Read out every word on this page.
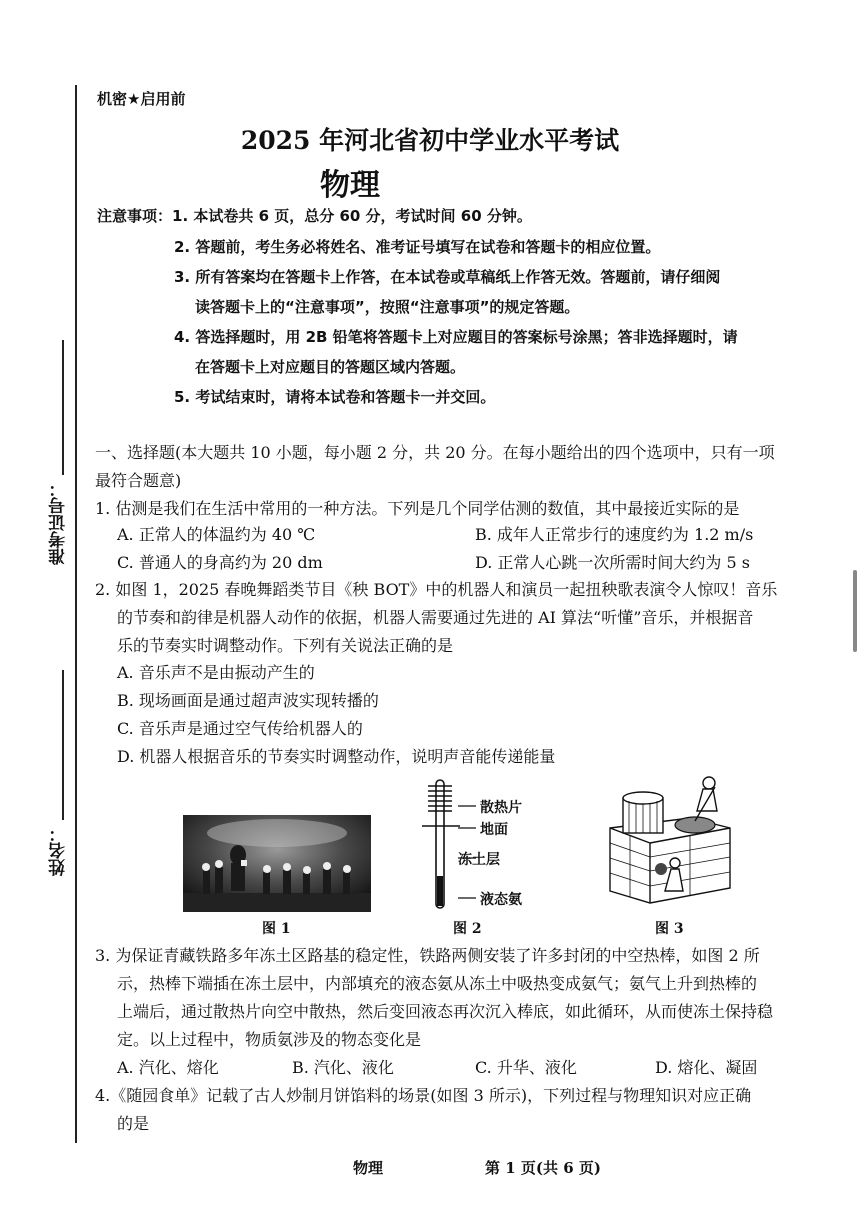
准考证号：
姓名：
机密★启用前
2025 年河北省初中学业水平考试
物理
注意事项：1. 本试卷共 6 页，总分 60 分，考试时间 60 分钟。
2. 答题前，考生务必将姓名、准考证号填写在试卷和答题卡的相应位置。
3. 所有答案均在答题卡上作答，在本试卷或草稿纸上作答无效。答题前，请仔细阅
读答题卡上的“注意事项”，按照“注意事项”的规定答题。
4. 答选择题时，用 2B 铅笔将答题卡上对应题目的答案标号涂黑；答非选择题时，请
在答题卡上对应题目的答题区域内答题。
5. 考试结束时，请将本试卷和答题卡一并交回。
一、选择题(本大题共 10 小题，每小题 2 分，共 20 分。在每小题给出的四个选项中，只有一项
最符合题意)
1. 估测是我们在生活中常用的一种方法。下列是几个同学估测的数值，其中最接近实际的是
A. 正常人的体温约为 40 ℃	B. 成年人正常步行的速度约为 1.2 m/s
C. 普通人的身高约为 20 dm	D. 正常人心跳一次所需时间大约为 5 s
2. 如图 1，2025 春晚舞蹈类节目《秧 BOT》中的机器人和演员一起扭秧歌表演令人惊叹！音乐
的节奏和韵律是机器人动作的依据，机器人需要通过先进的 AI 算法“听懂”音乐，并根据音
乐的节奏实时调整动作。下列有关说法正确的是
A. 音乐声不是由振动产生的
B. 现场画面是通过超声波实现转播的
C. 音乐声是通过空气传给机器人的
D. 机器人根据音乐的节奏实时调整动作，说明声音能传递能量
图 1
散热片
地面
冻土层
液态氨
图 2	图 3
3. 为保证青藏铁路多年冻土区路基的稳定性，铁路两侧安装了许多封闭的中空热棒，如图 2 所
示，热棒下端插在冻土层中，内部填充的液态氨从冻土中吸热变成氨气；氨气上升到热棒的
上端后，通过散热片向空中散热，然后变回液态再次沉入棒底，如此循环，从而使冻土保持稳
定。以上过程中，物质氨涉及的物态变化是
A. 汽化、熔化	B. 汽化、液化	C. 升华、液化	D. 熔化、凝固
4.《随园食单》记载了古人炒制月饼馅料的场景(如图 3 所示)，下列过程与物理知识对应正确
的是
物理	第 1 页(共 6 页)
